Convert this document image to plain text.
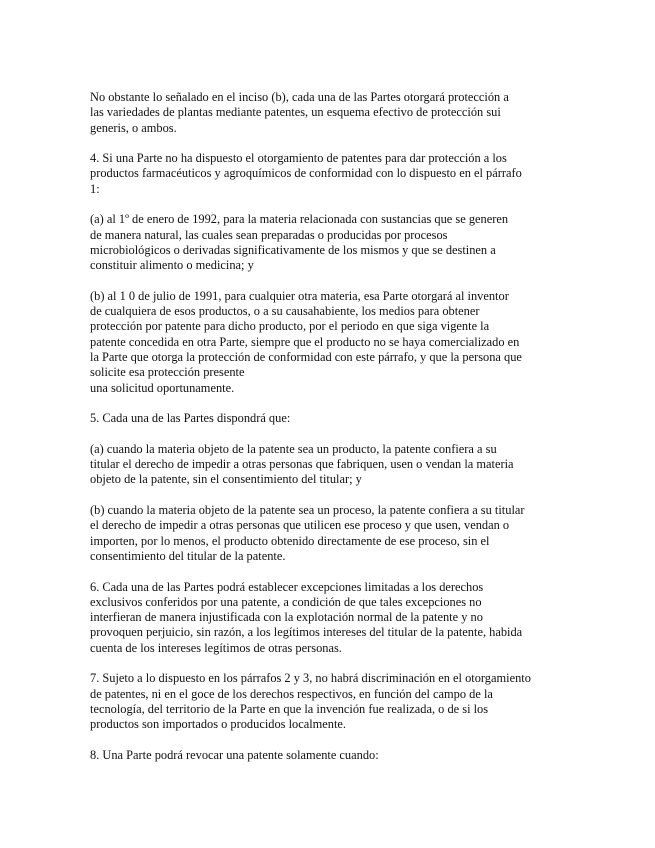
No obstante lo señalado en el inciso (b), cada una de las Partes otorgará protección a
las variedades de plantas mediante patentes, un esquema efectivo de protección sui
generis, o ambos.

4. Si una Parte no ha dispuesto el otorgamiento de patentes para dar protección a los
productos farmacéuticos y agroquímicos de conformidad con lo dispuesto en el párrafo
1:

(a) al 1º de enero de 1992, para la materia relacionada con sustancias que se generen
de manera natural, las cuales sean preparadas o producidas por procesos
microbiológicos o derivadas significativamente de los mismos y que se destinen a
constituir alimento o medicina; y

(b) al 1 0 de julio de 1991, para cualquier otra materia, esa Parte otorgará al inventor
de cualquiera de esos productos, o a su causahabiente, los medios para obtener
protección por patente para dicho producto, por el periodo en que siga vigente la
patente concedida en otra Parte, siempre que el producto no se haya comercializado en
la Parte que otorga la protección de conformidad con este párrafo, y que la persona que
solicite esa protección presente
una solicitud oportunamente.

5. Cada una de las Partes dispondrá que:

(a) cuando la materia objeto de la patente sea un producto, la patente confiera a su
titular el derecho de impedir a otras personas que fabriquen, usen o vendan la materia
objeto de la patente, sin el consentimiento del titular; y

(b) cuando la materia objeto de la patente sea un proceso, la patente confiera a su titular
el derecho de impedir a otras personas que utilicen ese proceso y que usen, vendan o
importen, por lo menos, el producto obtenido directamente de ese proceso, sin el
consentimiento del titular de la patente.

6. Cada una de las Partes podrá establecer excepciones limitadas a los derechos
exclusivos conferidos por una patente, a condición de que tales excepciones no
interfieran de manera injustificada con la explotación normal de la patente y no
provoquen perjuicio, sin razón, a los legítimos intereses del titular de la patente, habida
cuenta de los intereses legítimos de otras personas.

7. Sujeto a lo dispuesto en los párrafos 2 y 3, no habrá discriminación en el otorgamiento
de patentes, ni en el goce de los derechos respectivos, en función del campo de la
tecnología, del territorio de la Parte en que la invención fue realizada, o de si los
productos son importados o producidos localmente.

8. Una Parte podrá revocar una patente solamente cuando:
